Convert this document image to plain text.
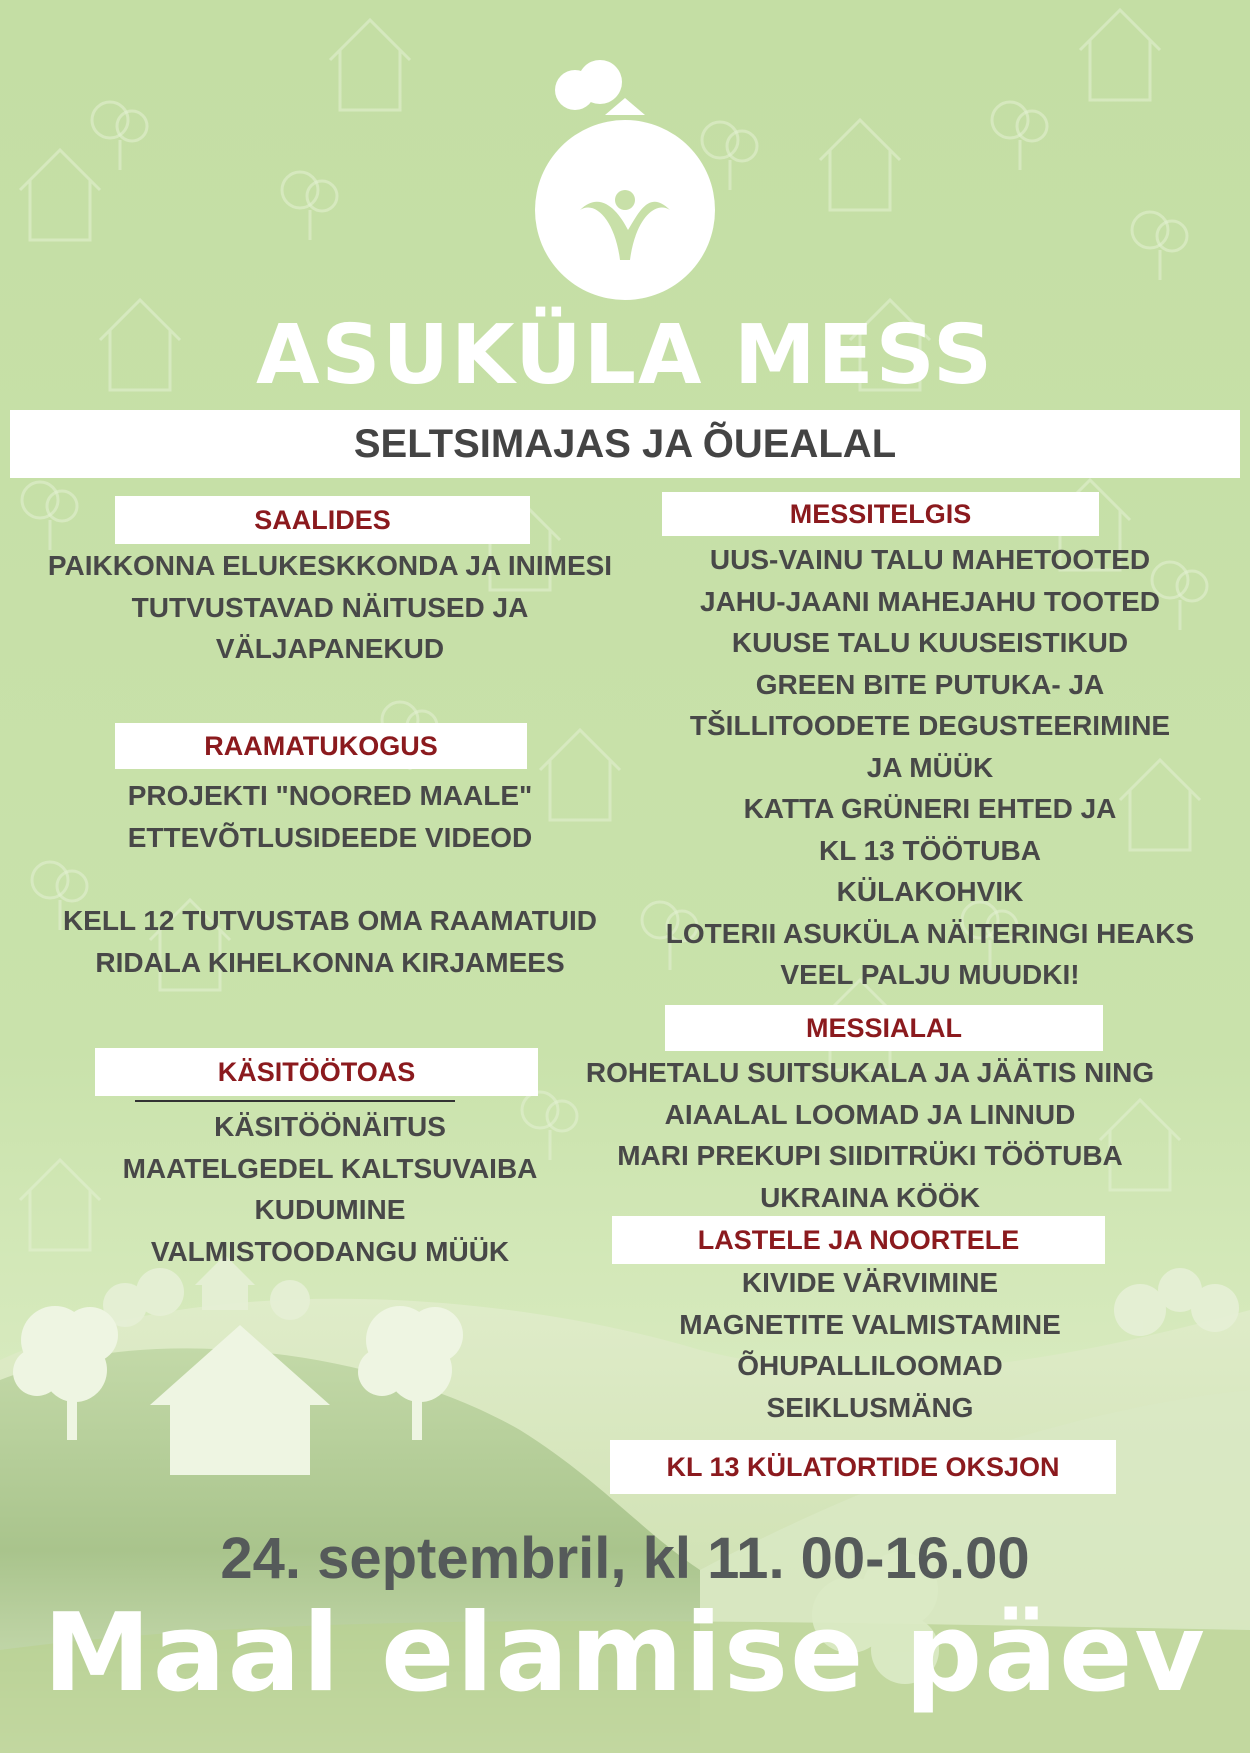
ASUKÜLA MESS
SELTSIMAJAS JA ÕUEALAL
SAALIDES
PAIKKONNA ELUKESKKONDA JA INIMESI
TUTVUSTAVAD NÄITUSED JA
VÄLJAPANEKUD
RAAMATUKOGUS
PROJEKTI "NOORED MAALE"
ETTEVÕTLUSIDEEDE VIDEOD
KELL 12 TUTVUSTAB OMA RAAMATUID
RIDALA KIHELKONNA KIRJAMEES
KÄSITÖÖTOAS
KÄSITÖÖNÄITUS
MAATELGEDEL KALTSUVAIBA
KUDUMINE
VALMISTOODANGU MÜÜK
MESSITELGIS
UUS-VAINU TALU MAHETOOTED
JAHU-JAANI MAHEJAHU TOOTED
KUUSE TALU KUUSEISTIKUD
GREEN BITE PUTUKA- JA
TŠILLITOODETE DEGUSTEERIMINE
JA MÜÜK
KATTA GRÜNERI EHTED JA
KL 13 TÖÖTUBA
KÜLAKOHVIK
LOTERII ASUKÜLA NÄITERINGI HEAKS
VEEL PALJU MUUDKI!
MESSIALAL
ROHETALU SUITSUKALA JA JÄÄTIS NING
AIAALAL LOOMAD JA LINNUD
MARI PREKUPI SIIDITRÜKI TÖÖTUBA
UKRAINA KÖÖK
LASTELE JA NOORTELE
KIVIDE VÄRVIMINE
MAGNETITE VALMISTAMINE
ÕHUPALLILOOMAD
SEIKLUSMÄNG
KL 13 KÜLATORTIDE OKSJON
24. septembril, kl 11. 00-16.00
Maal elamise päev
